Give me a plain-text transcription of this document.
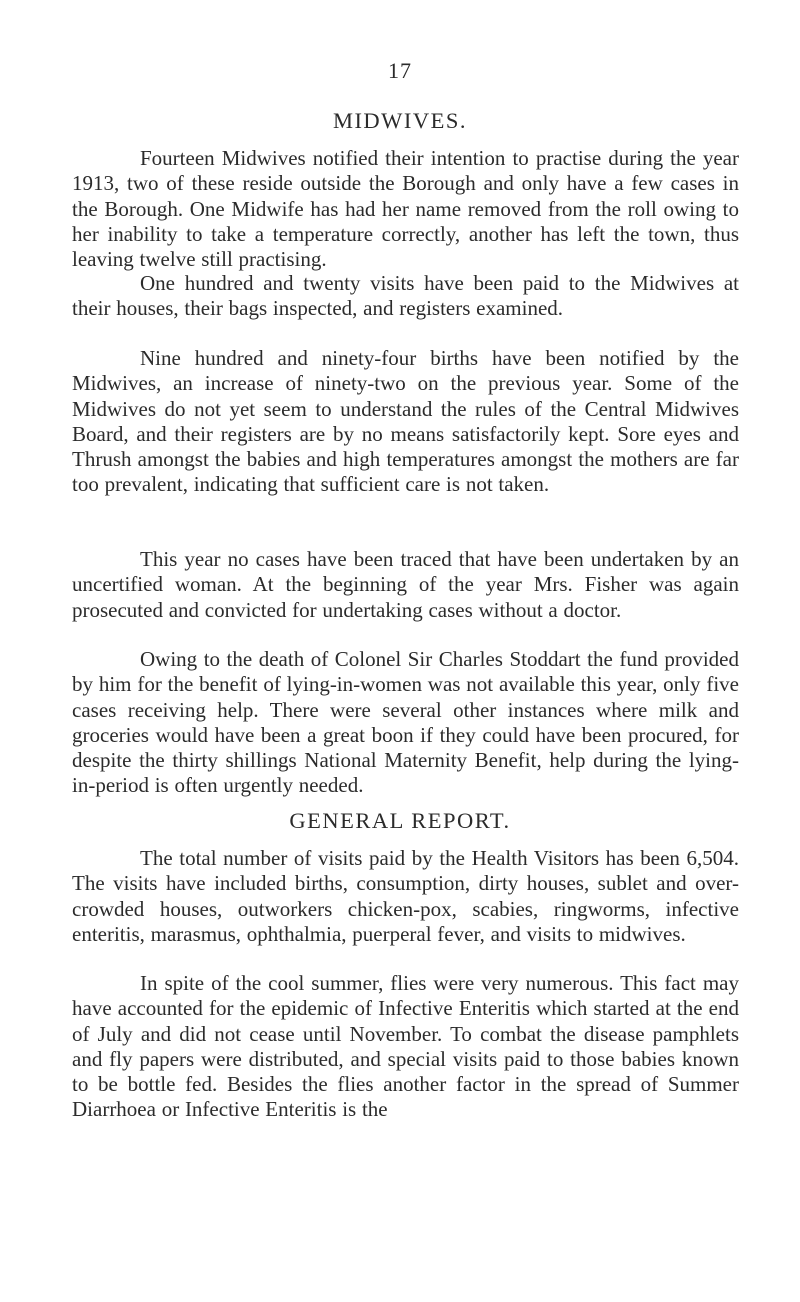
17
MIDWIVES.

Fourteen Midwives notified their intention to practise during the year 1913, two of these reside outside the Borough and only have a few cases in the Borough. One Midwife has had her name removed from the roll owing to her inability to take a temperature correctly, another has left the town, thus leaving twelve still practising.

One hundred and twenty visits have been paid to the Midwives at their houses, their bags inspected, and registers examined.

Nine hundred and ninety-four births have been notified by the Midwives, an increase of ninety-two on the previous year. Some of the Midwives do not yet seem to understand the rules of the Central Midwives Board, and their registers are by no means satisfactorily kept. Sore eyes and Thrush amongst the babies and high temperatures amongst the mothers are far too prevalent, indicating that sufficient care is not taken.

This year no cases have been traced that have been undertaken by an uncertified woman. At the beginning of the year Mrs. Fisher was again prosecuted and convicted for undertaking cases without a doctor.

Owing to the death of Colonel Sir Charles Stoddart the fund provided by him for the benefit of lying-in-women was not available this year, only five cases receiving help. There were several other instances where milk and groceries would have been a great boon if they could have been procured, for despite the thirty shillings National Maternity Benefit, help during the lying-in-period is often urgently needed.

GENERAL REPORT.

The total number of visits paid by the Health Visitors has been 6,504. The visits have included births, consumption, dirty houses, sublet and over-crowded houses, outworkers chicken-pox, scabies, ringworms, infective enteritis, marasmus, ophthalmia, puerperal fever, and visits to midwives.

In spite of the cool summer, flies were very numerous. This fact may have accounted for the epidemic of Infective Enteritis which started at the end of July and did not cease until November. To combat the disease pamphlets and fly papers were distributed, and special visits paid to those babies known to be bottle fed. Besides the flies another factor in the spread of Summer Diarrhoea or Infective Enteritis is the
